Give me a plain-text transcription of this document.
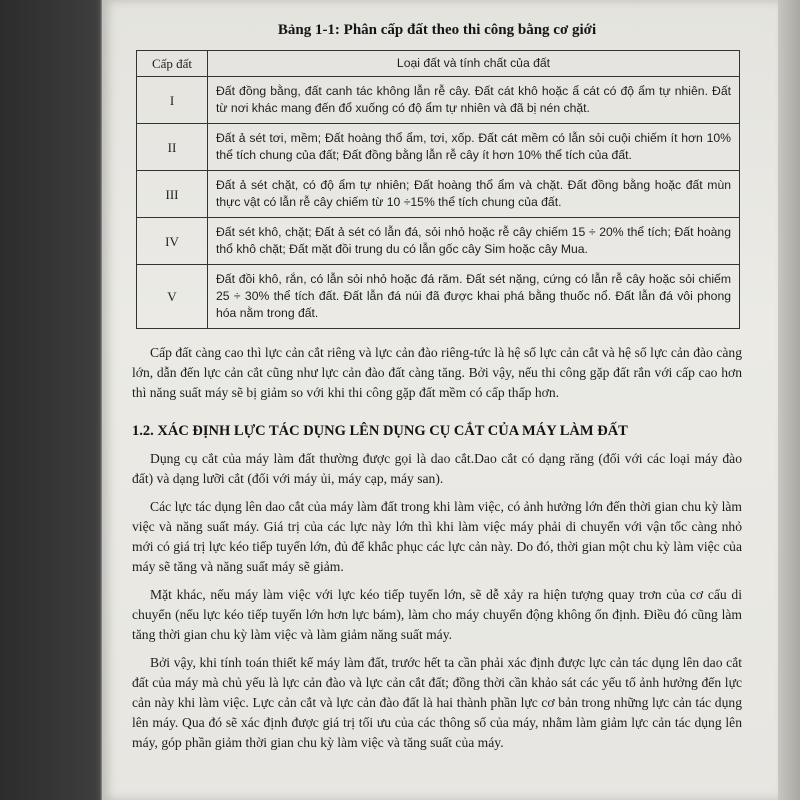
Bảng 1-1: Phân cấp đất theo thi công bằng cơ giới
Cấp đất	Loại đất và tính chất của đất
I	Đất đồng bằng, đất canh tác không lẫn rễ cây. Đất cát khô hoặc ẩ cát có độ ẩm tự nhiên. Đất từ nơi khác mang đến đổ xuống có độ ẩm tự nhiên và đã bị nén chặt.
II	Đất ả sét tơi, mềm; Đất hoàng thổ ẩm, tơi, xốp. Đất cát mềm có lẫn sỏi cuội chiếm ít hơn 10% thể tích chung của đất; Đất đồng bằng lẫn rễ cây ít hơn 10% thể tích của đất.
III	Đất ả sét chặt, có độ ẩm tự nhiên; Đất hoàng thổ ẩm và chặt. Đất đồng bằng hoặc đất mùn thực vật có lẫn rễ cây chiếm từ 10 ÷15% thể tích chung của đất.
IV	Đất sét khô, chặt; Đất ả sét có lẫn đá, sỏi nhỏ hoặc rễ cây chiếm 15 ÷ 20% thể tích; Đất hoàng thổ khô chặt; Đất mặt đồi trung du có lẫn gốc cây Sim hoặc cây Mua.
V	Đất đồi khô, rắn, có lẫn sỏi nhỏ hoặc đá răm. Đất sét nặng, cứng có lẫn rễ cây hoặc sỏi chiếm 25 ÷ 30% thể tích đất. Đất lẫn đá núi đã được khai phá bằng thuốc nổ. Đất lẫn đá vôi phong hóa nằm trong đất.

Cấp đất càng cao thì lực cản cắt riêng và lực cản đào riêng-tức là hệ số lực cản cắt và hệ số lực cản đào càng lớn, dẫn đến lực cản cắt cũng như lực cản đào đất càng tăng. Bởi vậy, nếu thi công gặp đất rắn với cấp cao hơn thì năng suất máy sẽ bị giảm so với khi thi công gặp đất mềm có cấp thấp hơn.

1.2. XÁC ĐỊNH LỰC TÁC DỤNG LÊN DỤNG CỤ CẮT CỦA MÁY LÀM ĐẤT

Dụng cụ cắt của máy làm đất thường được gọi là dao cắt.Dao cắt có dạng răng (đối với các loại máy đào đất) và dạng lưỡi cắt (đối với máy ủi, máy cạp, máy san).

Các lực tác dụng lên dao cắt của máy làm đất trong khi làm việc, có ảnh hưởng lớn đến thời gian chu kỳ làm việc và năng suất máy. Giá trị của các lực này lớn thì khi làm việc máy phải di chuyển với vận tốc càng nhỏ mới có giá trị lực kéo tiếp tuyến lớn, đủ để khắc phục các lực cản này. Do đó, thời gian một chu kỳ làm việc của máy sẽ tăng và năng suất máy sẽ giảm.

Mặt khác, nếu máy làm việc với lực kéo tiếp tuyến lớn, sẽ dễ xảy ra hiện tượng quay trơn của cơ cấu di chuyển (nếu lực kéo tiếp tuyến lớn hơn lực bám), làm cho máy chuyển động không ổn định. Điều đó cũng làm tăng thời gian chu kỳ làm việc và làm giảm năng suất máy.

Bởi vậy, khi tính toán thiết kế máy làm đất, trước hết ta cần phải xác định được lực cản tác dụng lên dao cắt đất của máy mà chủ yếu là lực cản đào và lực cản cắt đất; đồng thời cần khảo sát các yếu tố ảnh hưởng đến lực cản này khi làm việc. Lực cản cắt và lực cản đào đất là hai thành phần lực cơ bản trong những lực cản tác dụng lên máy. Qua đó sẽ xác định được giá trị tối ưu của các thông số của máy, nhằm làm giảm lực cản tác dụng lên máy, góp phần giảm thời gian chu kỳ làm việc và tăng suất của máy.
